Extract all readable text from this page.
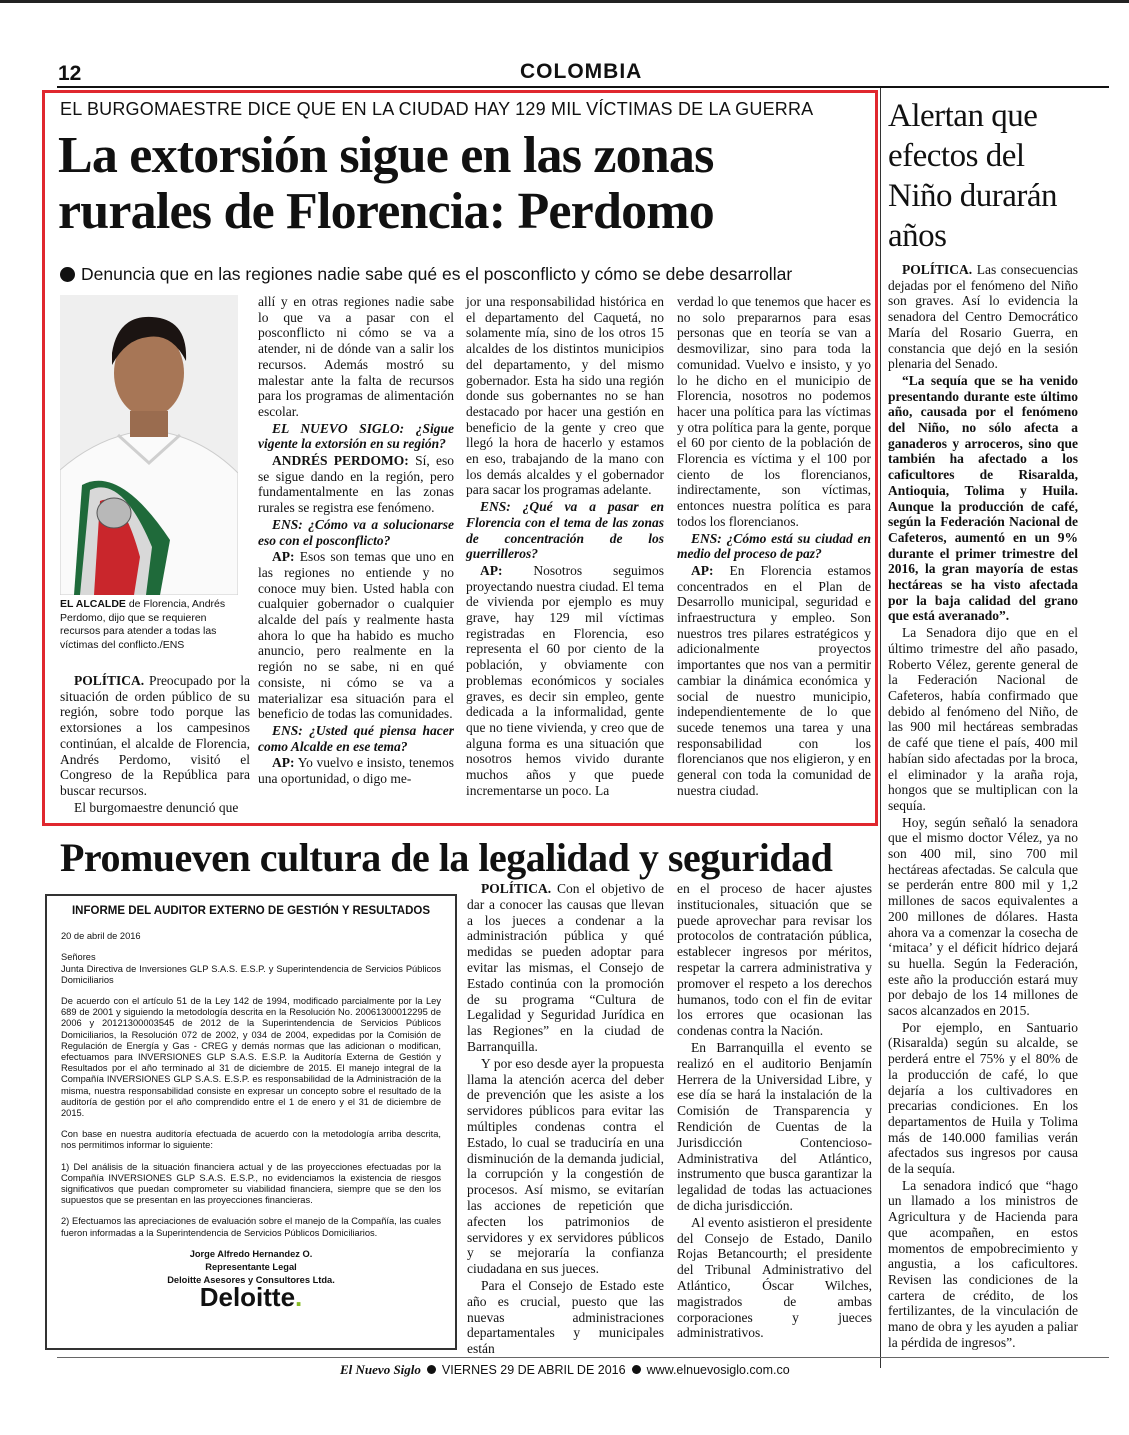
12	COLOMBIA
EL BURGOMAESTRE DICE QUE EN LA CIUDAD HAY 129 MIL VÍCTIMAS DE LA GUERRA
La extorsión sigue en las zonas rurales de Florencia: Perdomo
Denuncia que en las regiones nadie sabe qué es el posconflicto y cómo se debe desarrollar
EL ALCALDE de Florencia, Andrés Perdomo, dijo que se requieren recursos para atender a todas las víctimas del conflicto./ENS

POLÍTICA. Preocupado por la situación de orden público de su región, sobre todo porque las extorsiones a los campesinos continúan, el alcalde de Florencia, Andrés Perdomo, visitó el Congreso de la República para buscar recursos.

El burgomaestre denunció que

allí y en otras regiones nadie sabe lo que va a pasar con el posconflicto ni cómo se va a atender, ni de dónde van a salir los recursos. Además mostró su malestar ante la falta de recursos para los programas de alimentación escolar.

EL NUEVO SIGLO: ¿Sigue vigente la extorsión en su región?

ANDRÉS PERDOMO: Sí, eso se sigue dando en la región, pero fundamentalmente en las zonas rurales se registra ese fenómeno.

ENS: ¿Cómo va a solucionarse eso con el posconflicto?

AP: Esos son temas que uno en las regiones no entiende y no conoce muy bien. Usted habla con cualquier gobernador o cualquier alcalde del país y realmente hasta ahora lo que ha habido es mucho anuncio, pero realmente en la región no se sabe, ni en qué consiste, ni cómo se va a materializar esa situación para el beneficio de todas las comunidades.

ENS: ¿Usted qué piensa hacer como Alcalde en ese tema?

AP: Yo vuelvo e insisto, tenemos una oportunidad, o digo me-

jor una responsabilidad histórica en el departamento del Caquetá, no solamente mía, sino de los otros 15 alcaldes de los distintos municipios del departamento, y del mismo gobernador. Esta ha sido una región donde sus gobernantes no se han destacado por hacer una gestión en beneficio de la gente y creo que llegó la hora de hacerlo y estamos en eso, trabajando de la mano con los demás alcaldes y el gobernador para sacar los programas adelante.

ENS: ¿Qué va a pasar en Florencia con el tema de las zonas de concentración de los guerrilleros?

AP: Nosotros seguimos proyectando nuestra ciudad. El tema de vivienda por ejemplo es muy grave, hay 129 mil víctimas registradas en Florencia, eso representa el 60 por ciento de la población, y obviamente con problemas económicos y sociales graves, es decir sin empleo, gente dedicada a la informalidad, gente que no tiene vivienda, y creo que de alguna forma es una situación que nosotros hemos vivido durante muchos años y que puede incrementarse un poco. La

verdad lo que tenemos que hacer es no solo prepararnos para esas personas que en teoría se van a desmovilizar, sino para toda la comunidad. Vuelvo e insisto, y yo lo he dicho en el municipio de Florencia, nosotros no podemos hacer una política para las víctimas y otra política para la gente, porque el 60 por ciento de la población de Florencia es víctima y el 100 por ciento de los florencianos, indirectamente, son víctimas, entonces nuestra política es para todos los florencianos.

ENS: ¿Cómo está su ciudad en medio del proceso de paz?

AP: En Florencia estamos concentrados en el Plan de Desarrollo municipal, seguridad e infraestructura y empleo. Son nuestros tres pilares estratégicos y adicionalmente proyectos importantes que nos van a permitir cambiar la dinámica económica y social de nuestro municipio, independientemente de lo que sucede tenemos una tarea y una responsabilidad con los florencianos que nos eligieron, y en general con toda la comunidad de nuestra ciudad.

Alertan que efectos del Niño durarán años

POLÍTICA. Las consecuencias dejadas por el fenómeno del Niño son graves. Así lo evidencia la senadora del Centro Democrático María del Rosario Guerra, en constancia que dejó en la sesión plenaria del Senado.

“La sequía que se ha venido presentando durante este último año, causada por el fenómeno del Niño, no sólo afecta a ganaderos y arroceros, sino que también ha afectado a los caficultores de Risaralda, Antioquia, Tolima y Huila. Aunque la producción de café, según la Federación Nacional de Cafeteros, aumentó en un 9% durante el primer trimestre del 2016, la gran mayoría de estas hectáreas se ha visto afectada por la baja calidad del grano que está averanado”.

La Senadora dijo que en el último trimestre del año pasado, Roberto Vélez, gerente general de la Federación Nacional de Cafeteros, había confirmado que debido al fenómeno del Niño, de las 900 mil hectáreas sembradas de café que tiene el país, 400 mil habían sido afectadas por la broca, el eliminador y la araña roja, hongos que se multiplican con la sequía.

Hoy, según señaló la senadora que el mismo doctor Vélez, ya no son 400 mil, sino 700 mil hectáreas afectadas. Se calcula que se perderán entre 800 mil y 1,2 millones de sacos equivalentes a 200 millones de dólares. Hasta ahora va a comenzar la cosecha de ‘mitaca’ y el déficit hídrico dejará su huella. Según la Federación, este año la producción estará muy por debajo de los 14 millones de sacos alcanzados en 2015.

Por ejemplo, en Santuario (Risaralda) según su alcalde, se perderá entre el 75% y el 80% de la producción de café, lo que dejaría a los cultivadores en precarias condiciones. En los departamentos de Huila y Tolima más de 140.000 familias verán afectados sus ingresos por causa de la sequía.

La senadora indicó que “hago un llamado a los ministros de Agricultura y de Hacienda para que acompañen, en estos momentos de empobrecimiento y angustia, a los caficultores. Revisen las condiciones de la cartera de crédito, de los fertilizantes, de la vinculación de mano de obra y les ayuden a paliar la pérdida de ingresos”.

Promueven cultura de la legalidad y seguridad
INFORME DEL AUDITOR EXTERNO DE GESTIÓN Y RESULTADOS

20 de abril de 2016

Señores
Junta Directiva de Inversiones GLP S.A.S. E.S.P. y Superintendencia de Servicios Públicos Domiciliarios

De acuerdo con el artículo 51 de la Ley 142 de 1994, modificado parcialmente por la Ley 689 de 2001 y siguiendo la metodología descrita en la Resolución No. 20061300012295 de 2006 y 20121300003545 de 2012 de la Superintendencia de Servicios Públicos Domiciliarios, la Resolución 072 de 2002, y 034 de 2004, expedidas por la Comisión de Regulación de Energía y Gas - CREG y demás normas que las adicionan o modifican, efectuamos para INVERSIONES GLP S.A.S. E.S.P. la Auditoría Externa de Gestión y Resultados por el año terminado al 31 de diciembre de 2015. El manejo integral de la Compañía INVERSIONES GLP S.A.S. E.S.P. es responsabilidad de la Administración de la misma, nuestra responsabilidad consiste en expresar un concepto sobre el resultado de la auditoría de gestión por el año comprendido entre el 1 de enero y el 31 de diciembre de 2015.

Con base en nuestra auditoría efectuada de acuerdo con la metodología arriba descrita, nos permitimos informar lo siguiente:

1) Del análisis de la situación financiera actual y de las proyecciones efectuadas por la Compañía INVERSIONES GLP S.A.S. E.S.P., no evidenciamos la existencia de riesgos significativos que puedan comprometer su viabilidad financiera, siempre que se den los supuestos que se presentan en las proyecciones financieras.

2) Efectuamos las apreciaciones de evaluación sobre el manejo de la Compañía, las cuales fueron informadas a la Superintendencia de Servicios Públicos Domiciliarios.

Jorge Alfredo Hernandez O.
Representante Legal
Deloitte Asesores y Consultores Ltda.
Deloitte.

POLÍTICA. Con el objetivo de dar a conocer las causas que llevan a los jueces a condenar a la administración pública y qué medidas se pueden adoptar para evitar las mismas, el Consejo de Estado continúa con la promoción de su programa “Cultura de Legalidad y Seguridad Jurídica en las Regiones” en la ciudad de Barranquilla.

Y por eso desde ayer la propuesta llama la atención acerca del deber de prevención que les asiste a los servidores públicos para evitar las múltiples condenas contra el Estado, lo cual se traduciría en una disminución de la demanda judicial, la corrupción y la congestión de procesos. Así mismo, se evitarían las acciones de repetición que afecten los patrimonios de servidores y ex servidores públicos y se mejoraría la confianza ciudadana en sus jueces.

Para el Consejo de Estado este año es crucial, puesto que las nuevas administraciones departamentales y municipales están

en el proceso de hacer ajustes institucionales, situación que se puede aprovechar para revisar los protocolos de contratación pública, establecer ingresos por méritos, respetar la carrera administrativa y promover el respeto a los derechos humanos, todo con el fin de evitar los errores que ocasionan las condenas contra la Nación.

En Barranquilla el evento se realizó en el auditorio Benjamín Herrera de la Universidad Libre, y ese día se hará la instalación de la Comisión de Transparencia y Rendición de Cuentas de la Jurisdicción Contencioso-Administrativa del Atlántico, instrumento que busca garantizar la legalidad de todas las actuaciones de dicha jurisdicción.

Al evento asistieron el presidente del Consejo de Estado, Danilo Rojas Betancourth; el presidente del Tribunal Administrativo del Atlántico, Óscar Wilches, magistrados de ambas corporaciones y jueces administrativos.

El Nuevo Siglo VIERNES 29 DE ABRIL DE 2016 www.elnuevosiglo.com.co
